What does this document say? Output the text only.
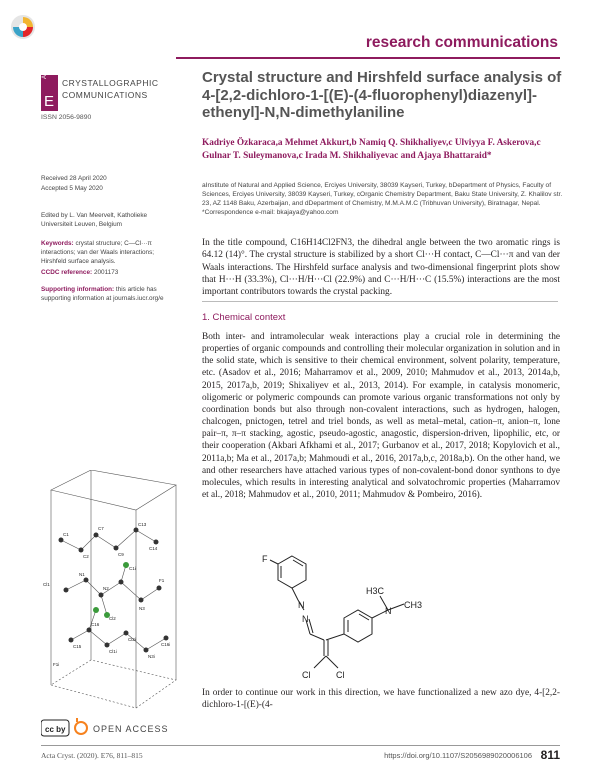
research communications
Acta Cryst
E
CRYSTALLOGRAPHIC
COMMUNICATIONS
ISSN 2056-9890
Received 28 April 2020
Accepted 5 May 2020
Edited by L. Van Meervelt, Katholieke Universiteit Leuven, Belgium
Keywords: crystal structure; C—Cl···π interactions; van der Waals interactions; Hirshfeld surface analysis.
CCDC reference: 2001173
Supporting information: this article has supporting information at journals.iucr.org/e
Crystal structure and Hirshfeld surface analysis of 4-[2,2-dichloro-1-[(E)-(4-fluorophenyl)diazenyl]-ethenyl]-N,N-dimethylaniline
Kadriye Özkaraca,a Mehmet Akkurt,b Namiq Q. Shikhaliyev,c Ulviyya F. Askerova,c Gulnar T. Suleymanova,c Irada M. Shikhaliyevac and Ajaya Bhattaraid*
aInstitute of Natural and Applied Science, Erciyes University, 38039 Kayseri, Turkey, bDepartment of Physics, Faculty of Sciences, Erciyes University, 38039 Kayseri, Turkey, cOrganic Chemistry Department, Baku State University, Z. Khalilov str. 23, AZ 1148 Baku, Azerbaijan, and dDepartment of Chemistry, M.M.A.M.C (Tribhuvan University), Biratnagar, Nepal. *Correspondence e-mail: bkajaya@yahoo.com
In the title compound, C16H14Cl2FN3, the dihedral angle between the two aromatic rings is 64.12 (14)°. The crystal structure is stabilized by a short Cl···H contact, C—Cl···π and van der Waals interactions. The Hirshfeld surface analysis and two-dimensional fingerprint plots show that H···H (33.3%), Cl···H/H···Cl (22.9%) and C···H/H···C (15.5%) interactions are the most important contributors towards the crystal packing.
1. Chemical context
Both inter- and intramolecular weak interactions play a crucial role in determining the properties of organic compounds and controlling their molecular organization in solution and in the solid state, which is sensitive to their chemical environment, solvent polarity, temperature, etc. (Asadov et al., 2016; Maharramov et al., 2009, 2010; Mahmudov et al., 2013, 2014a,b, 2015, 2017a,b, 2019; Shixaliyev et al., 2013, 2014). For example, in catalysis monomeric, oligomeric or polymeric compounds can promote various organic transformations not only by coordination bonds but also through non-covalent interactions, such as hydrogen, halogen, chalcogen, pnictogen, tetrel and triel bonds, as well as metal–metal, cation–π, anion–π, lone pair–π, π–π stacking, agostic, pseudo-agostic, anagostic, dispersion-driven, lipophilic, etc, or their cooperation (Akbari Afkhami et al., 2017; Gurbanov et al., 2017, 2018; Kopylovich et al., 2011a,b; Ma et al., 2017a,b; Mahmoudi et al., 2016, 2017a,b,c, 2018a,b). On the other hand, we and other researchers have attached various types of non-covalent-bond donor synthons to dye molecules, which results in interesting analytical and solvatochromic properties (Maharramov et al., 2018; Mahmudov et al., 2010, 2011; Mahmudov & Pombeiro, 2016).
Cl1
Cl2
F1
N1
N2
N3
C1
C2
C7
C9
C13
C14
C15
C16
Cl1i
Cl2i
N3i
C16i
C1i
F1i
F
N
N
N
H3C
CH3
Cl	Cl
In order to continue our work in this direction, we have functionalized a new azo dye, 4-[2,2-dichloro-1-[(E)-(4-
cc by	OPEN ACCESS
Acta Cryst. (2020). E76, 811–815	https://doi.org/10.1107/S2056989020006106 811
